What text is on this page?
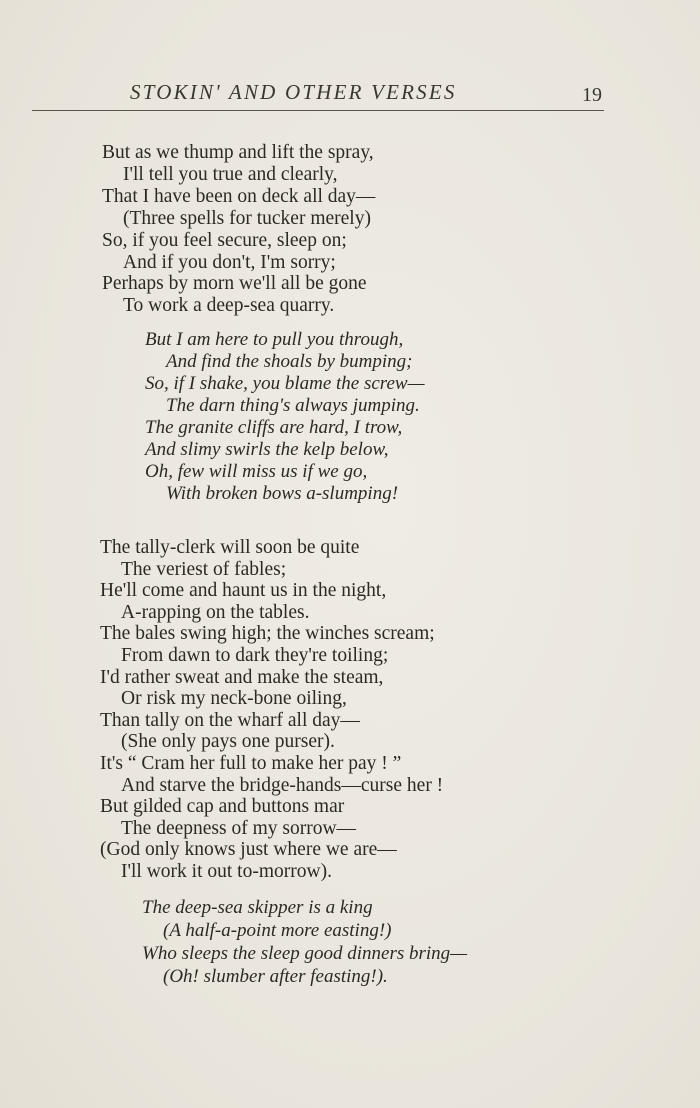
STOKIN' AND OTHER VERSES	19
But as we thump and lift the spray,
I'll tell you true and clearly,
That I have been on deck all day—
(Three spells for tucker merely)
So, if you feel secure, sleep on;
And if you don't, I'm sorry;
Perhaps by morn we'll all be gone
To work a deep-sea quarry.
But I am here to pull you through,
And find the shoals by bumping;
So, if I shake, you blame the screw—
The darn thing's always jumping.
The granite cliffs are hard, I trow,
And slimy swirls the kelp below,
Oh, few will miss us if we go,
With broken bows a-slumping!
The tally-clerk will soon be quite
The veriest of fables;
He'll come and haunt us in the night,
A-rapping on the tables.
The bales swing high; the winches scream;
From dawn to dark they're toiling;
I'd rather sweat and make the steam,
Or risk my neck-bone oiling,
Than tally on the wharf all day—
(She only pays one purser).
It's “ Cram her full to make her pay ! ”
And starve the bridge-hands—curse her !
But gilded cap and buttons mar
The deepness of my sorrow—
(God only knows just where we are—
I'll work it out to-morrow).
The deep-sea skipper is a king
(A half-a-point more easting!)
Who sleeps the sleep good dinners bring—
(Oh! slumber after feasting!).
